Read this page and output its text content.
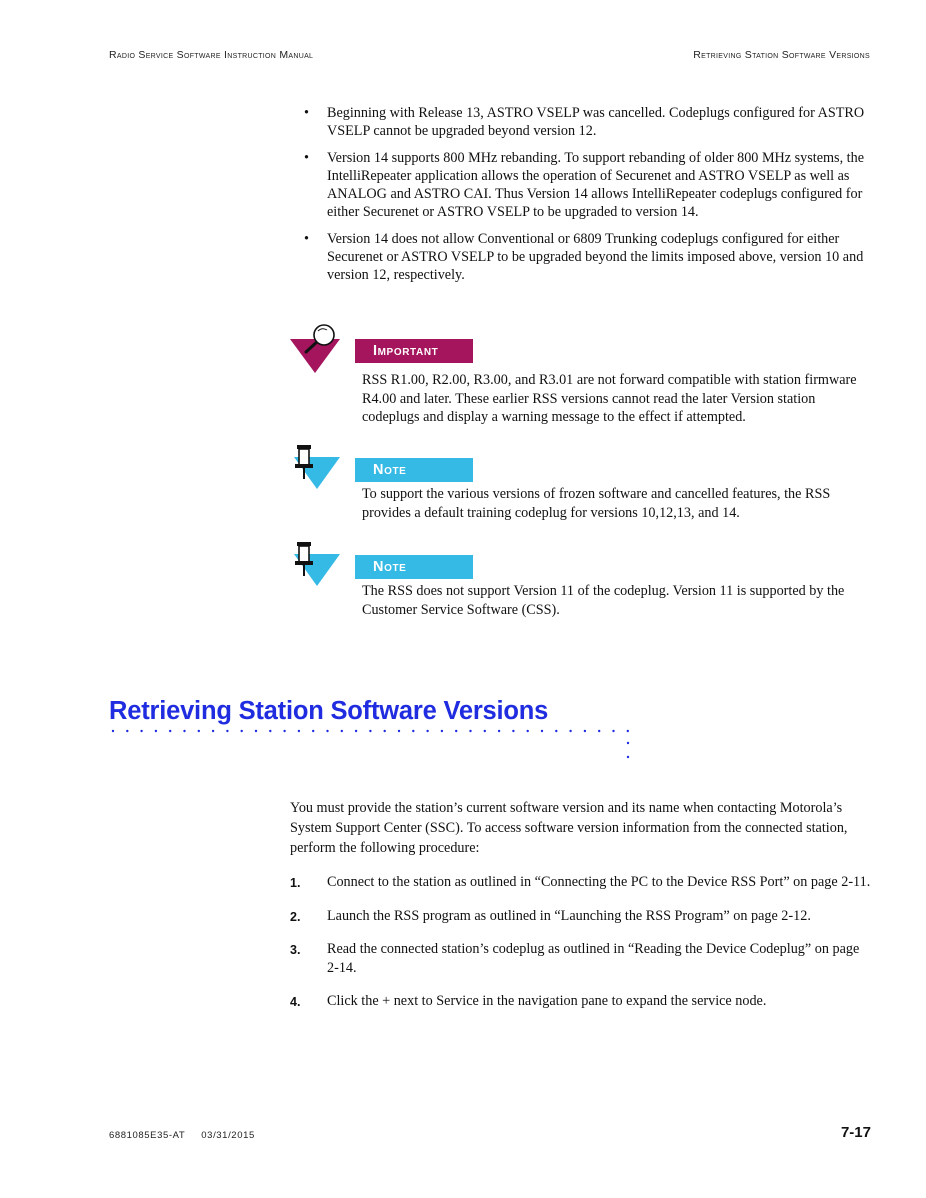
Radio Service Software Instruction Manual	Retrieving Station Software Versions
• Beginning with Release 13, ASTRO VSELP was cancelled. Codeplugs configured for ASTRO VSELP cannot be upgraded beyond version 12.
• Version 14 supports 800 MHz rebanding. To support rebanding of older 800 MHz systems, the IntelliRepeater application allows the operation of Securenet and ASTRO VSELP as well as ANALOG and ASTRO CAI. Thus Version 14 allows IntelliRepeater codeplugs configured for either Securenet or ASTRO VSELP to be upgraded to version 14.
• Version 14 does not allow Conventional or 6809 Trunking codeplugs configured for either Securenet or ASTRO VSELP to be upgraded beyond the limits imposed above, version 10 and version 12, respectively.
Important
RSS R1.00, R2.00, R3.00, and R3.01 are not forward compatible with station firmware R4.00 and later. These earlier RSS versions cannot read the later Version station codeplugs and display a warning message to the effect if attempted.
Note
To support the various versions of frozen software and cancelled features, the RSS provides a default training codeplug for versions 10,12,13, and 14.
Note
The RSS does not support Version 11 of the codeplug. Version 11 is supported by the Customer Service Software (CSS).
Retrieving Station Software Versions

You must provide the station’s current software version and its name when contacting Motorola’s System Support Center (SSC). To access software version information from the connected station, perform the following procedure:

1. Connect to the station as outlined in “Connecting the PC to the Device RSS Port” on page 2-11.
2. Launch the RSS program as outlined in “Launching the RSS Program” on page 2-12.
3. Read the connected station’s codeplug as outlined in “Reading the Device Codeplug” on page 2-14.
4. Click the + next to Service in the navigation pane to expand the service node.
6881085E35-AT 03/31/2015	7-17
